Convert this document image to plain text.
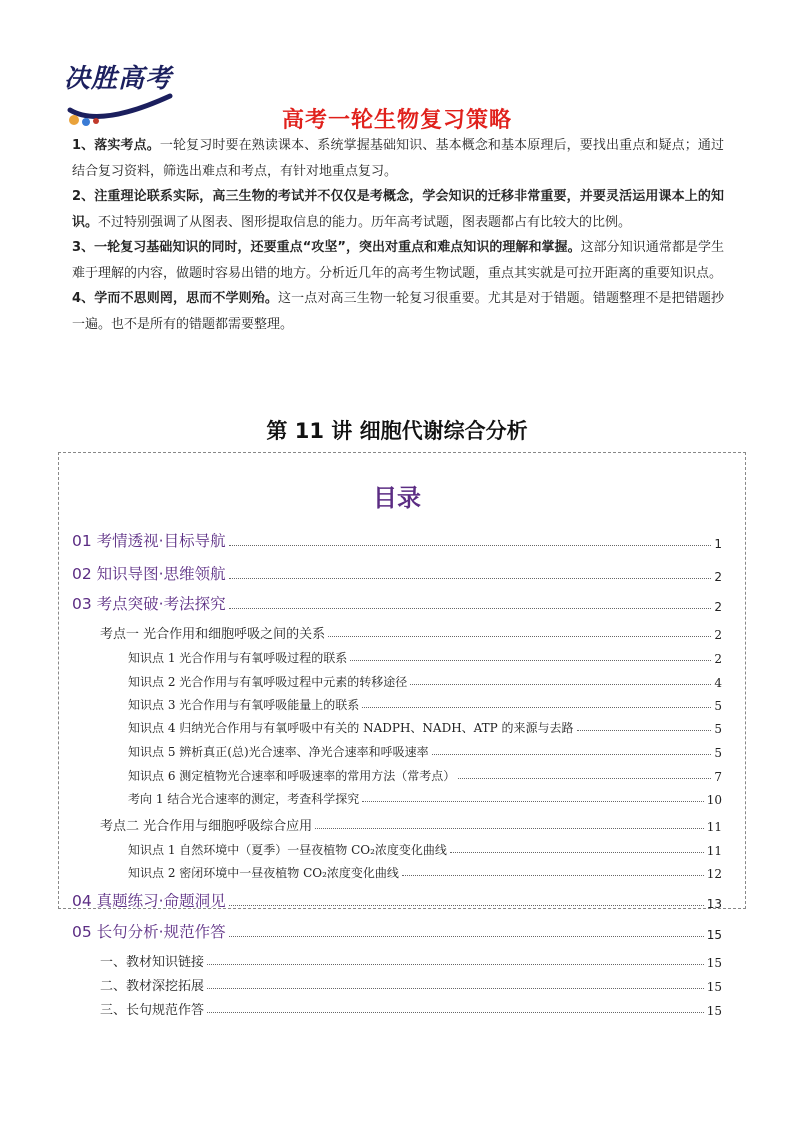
决胜高考
高考一轮生物复习策略

1、落实考点。一轮复习时要在熟读课本、系统掌握基础知识、基本概念和基本原理后，要找出重点和疑点；通过结合复习资料，筛选出难点和考点，有针对地重点复习。

2、注重理论联系实际，高三生物的考试并不仅仅是考概念，学会知识的迁移非常重要，并要灵活运用课本上的知识。不过特别强调了从图表、图形提取信息的能力。历年高考试题，图表题都占有比较大的比例。

3、一轮复习基础知识的同时，还要重点“攻坚”，突出对重点和难点知识的理解和掌握。这部分知识通常都是学生难于理解的内容，做题时容易出错的地方。分析近几年的高考生物试题，重点其实就是可拉开距离的重要知识点。

4、学而不思则罔，思而不学则殆。这一点对高三生物一轮复习很重要。尤其是对于错题。错题整理不是把错题抄一遍。也不是所有的错题都需要整理。

第 11 讲 细胞代谢综合分析
目录
01 考情透视·目标导航	1
02 知识导图·思维领航	2
03 考点突破·考法探究	2
考点一 光合作用和细胞呼吸之间的关系	2
知识点 1 光合作用与有氧呼吸过程的联系	2
知识点 2 光合作用与有氧呼吸过程中元素的转移途径	4
知识点 3 光合作用与有氧呼吸能量上的联系	5
知识点 4 归纳光合作用与有氧呼吸中有关的 NADPH、NADH、ATP 的来源与去路	5
知识点 5 辨析真正(总)光合速率、净光合速率和呼吸速率	5
知识点 6 测定植物光合速率和呼吸速率的常用方法（常考点）	7
考向 1 结合光合速率的测定，考查科学探究	10
考点二 光合作用与细胞呼吸综合应用	11
知识点 1 自然环境中（夏季）一昼夜植物 CO₂浓度变化曲线	11
知识点 2 密闭环境中一昼夜植物 CO₂浓度变化曲线	12
04 真题练习·命题洞见	13
05 长句分析·规范作答	15
一、教材知识链接	15
二、教材深挖拓展	15
三、长句规范作答	15
